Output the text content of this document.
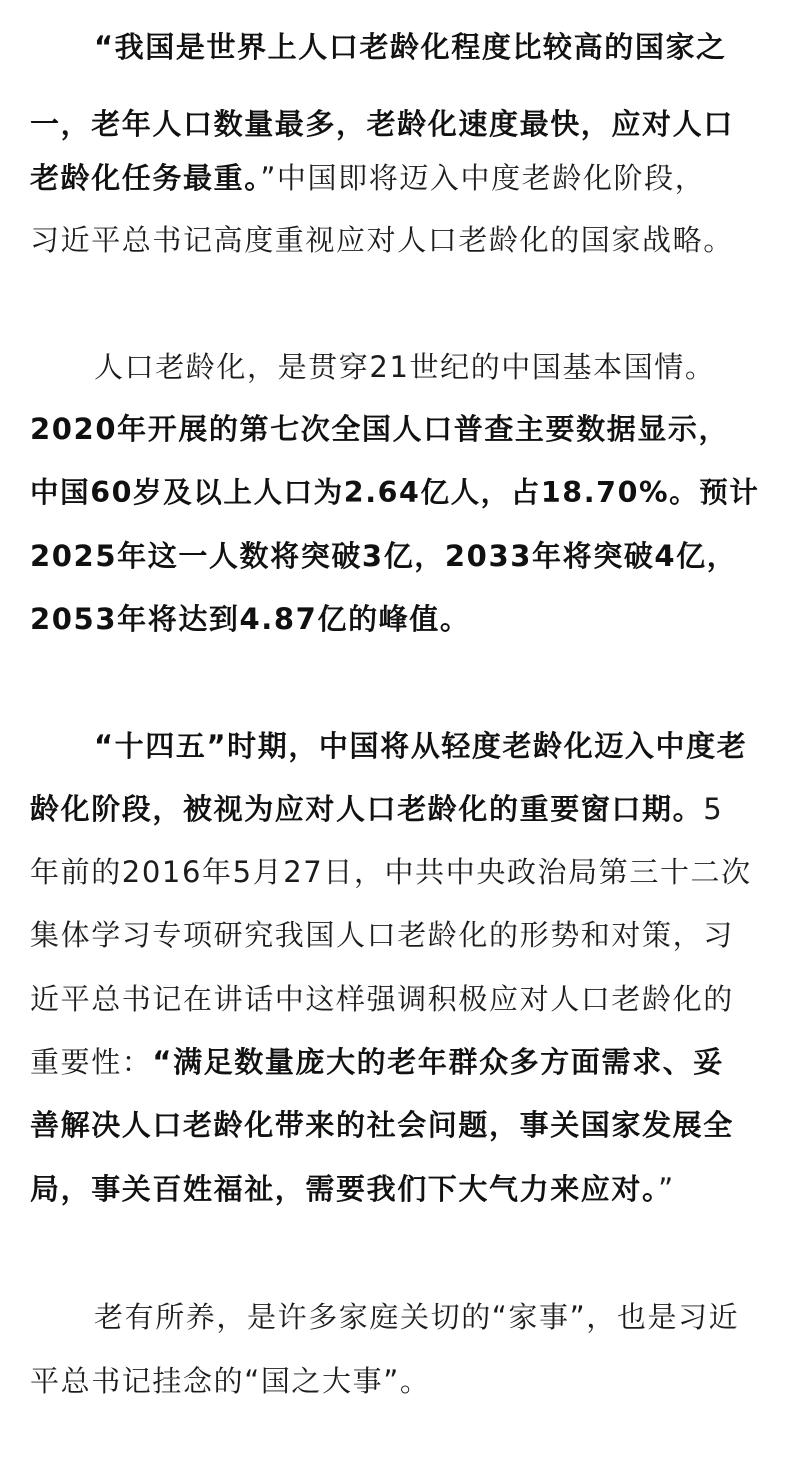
“我国是世界上人口老龄化程度比较高的国家之
一，老年人口数量最多，老龄化速度最快，应对人口
老龄化任务最重。”中国即将迈入中度老龄化阶段，
习近平总书记高度重视应对人口老龄化的国家战略。
人口老龄化，是贯穿21世纪的中国基本国情。
2020年开展的第七次全国人口普查主要数据显示，
中国60岁及以上人口为2.64亿人，占18.70%。预计
2025年这一人数将突破3亿，2033年将突破4亿，
2053年将达到4.87亿的峰值。
“十四五”时期，中国将从轻度老龄化迈入中度老
龄化阶段，被视为应对人口老龄化的重要窗口期。5
年前的2016年5月27日，中共中央政治局第三十二次
集体学习专项研究我国人口老龄化的形势和对策，习
近平总书记在讲话中这样强调积极应对人口老龄化的
重要性：“满足数量庞大的老年群众多方面需求、妥
善解决人口老龄化带来的社会问题，事关国家发展全
局，事关百姓福祉，需要我们下大气力来应对。”
老有所养，是许多家庭关切的“家事”，也是习近
平总书记挂念的“国之大事”。
